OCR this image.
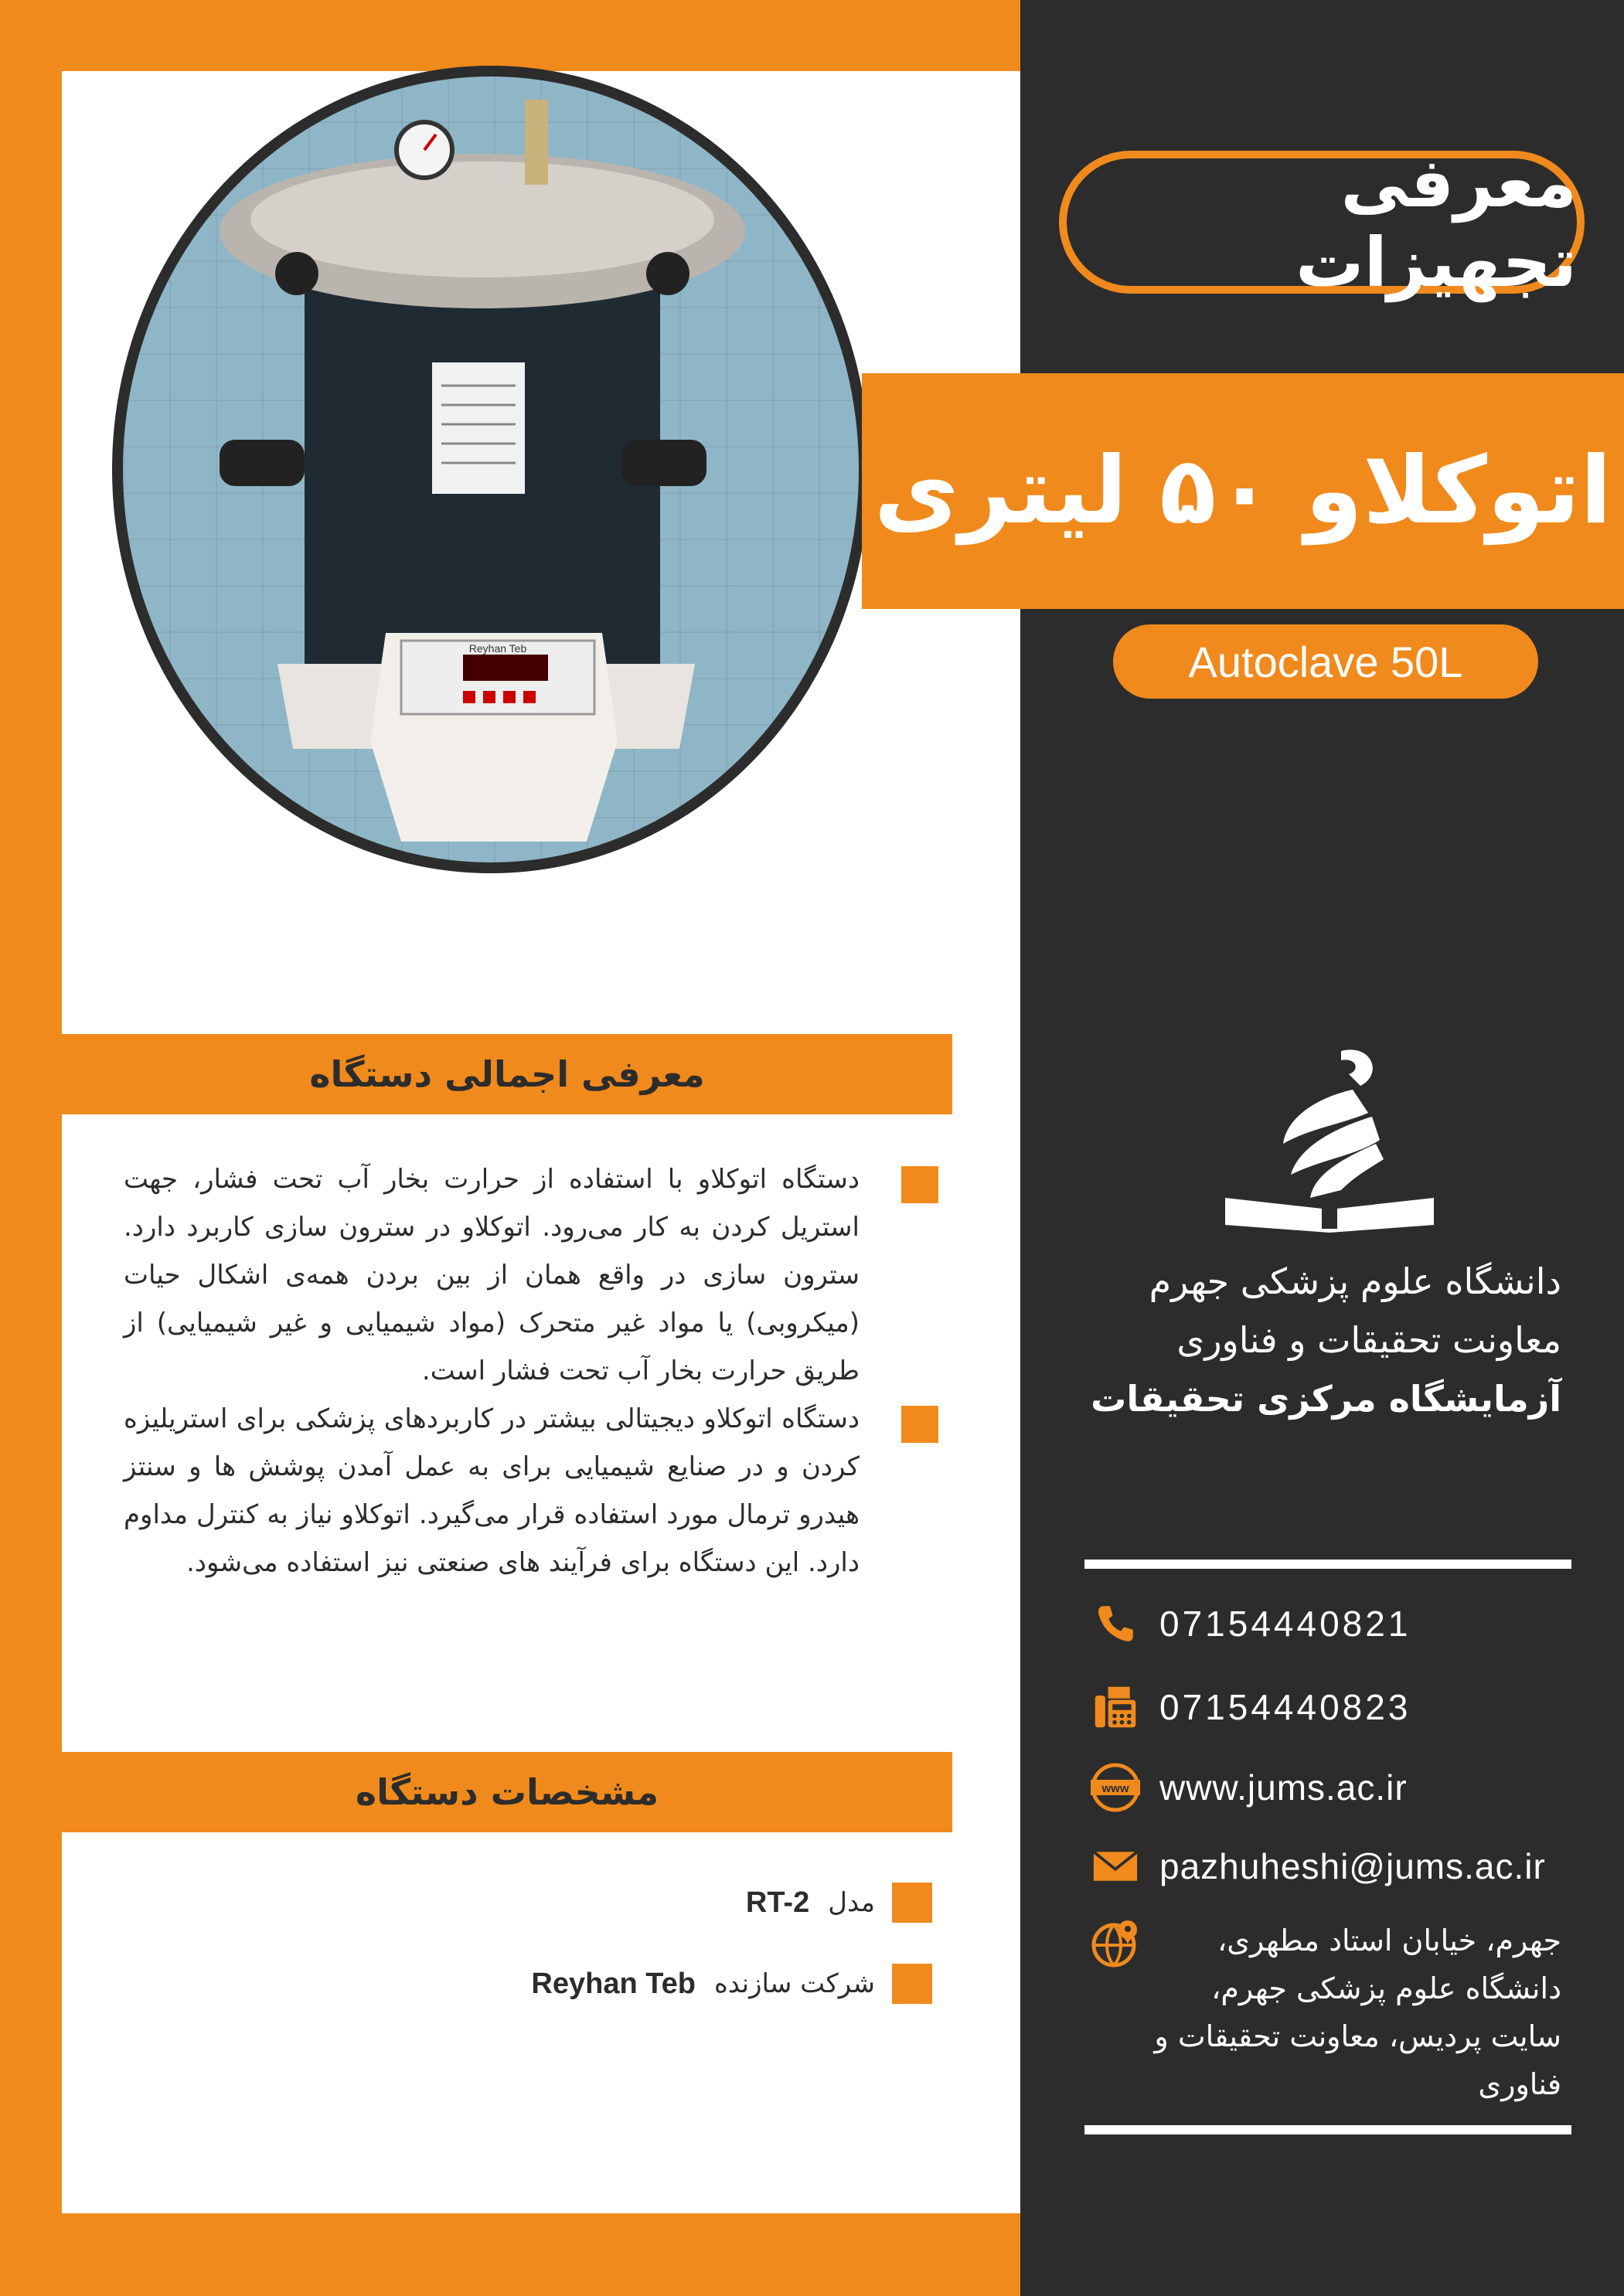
معرفی تجهیزات
Reyhan Teb
اتوکلاو ۵۰ لیتری
Autoclave 50L
معرفی اجمالی دستگاه

دستگاه اتوکلاو با استفاده از حرارت بخار آب تحت فشار، جهت استریل کردن به کار می‌رود. اتوکلاو در سترون سازی کاربرد دارد. سترون سازی در واقع همان از بین بردن همه‌ی اشکال حیات (میکروبی) یا مواد غیر متحرک (مواد شیمیایی و غیر شیمیایی) از طریق حرارت بخار آب تحت فشار است.

دستگاه اتوکلاو دیجیتالی بیشتر در کاربردهای پزشکی برای استریلیزه کردن و در صنایع شیمیایی برای به عمل آمدن پوشش ها و سنتز هیدرو ترمال مورد استفاده قرار می‌گیرد. اتوکلاو نیاز به کنترل مداوم دارد. این دستگاه برای فرآیند های صنعتی نیز استفاده می‌شود.

مشخصات دستگاه
مدل
RT-2
شرکت سازنده
Reyhan Teb
دانشگاه علوم پزشکی جهرم
معاونت تحقیقات و فناوری
آزمایشگاه مرکزی تحقیقات
07154440821
07154440823
www www.jums.ac.ir
pazhuheshi@jums.ac.ir
جهرم، خیابان استاد مطهری، دانشگاه علوم پزشکی جهرم، سایت پردیس، معاونت تحقیقات و فناوری
